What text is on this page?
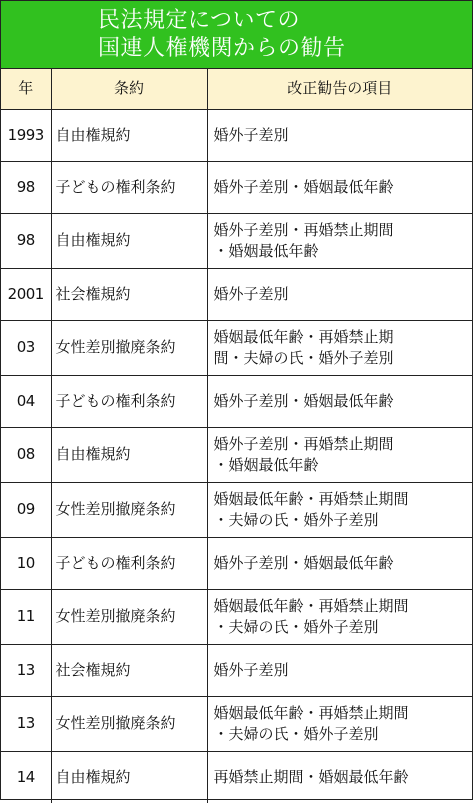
民法規定についての
国連人権機関からの勧告
年	条約	改正勧告の項目
1993	自由権規約	婚外子差別

98	子どもの権利条約	婚外子差別・婚姻最低年齢

98	自由権規約	婚外子差別・再婚禁止期間
・婚姻最低年齢

2001	社会権規約	婚外子差別

03	女性差別撤廃条約	婚姻最低年齢・再婚禁止期
間・夫婦の氏・婚外子差別

04	子どもの権利条約	婚外子差別・婚姻最低年齢

08	自由権規約	婚外子差別・再婚禁止期間
・婚姻最低年齢

09	女性差別撤廃条約	婚姻最低年齢・再婚禁止期間
・夫婦の氏・婚外子差別

10	子どもの権利条約	婚外子差別・婚姻最低年齢

11	女性差別撤廃条約	婚姻最低年齢・再婚禁止期間
・夫婦の氏・婚外子差別

13	社会権規約	婚外子差別

13	女性差別撤廃条約	婚姻最低年齢・再婚禁止期間
・夫婦の氏・婚外子差別

14	自由権規約	再婚禁止期間・婚姻最低年齢
